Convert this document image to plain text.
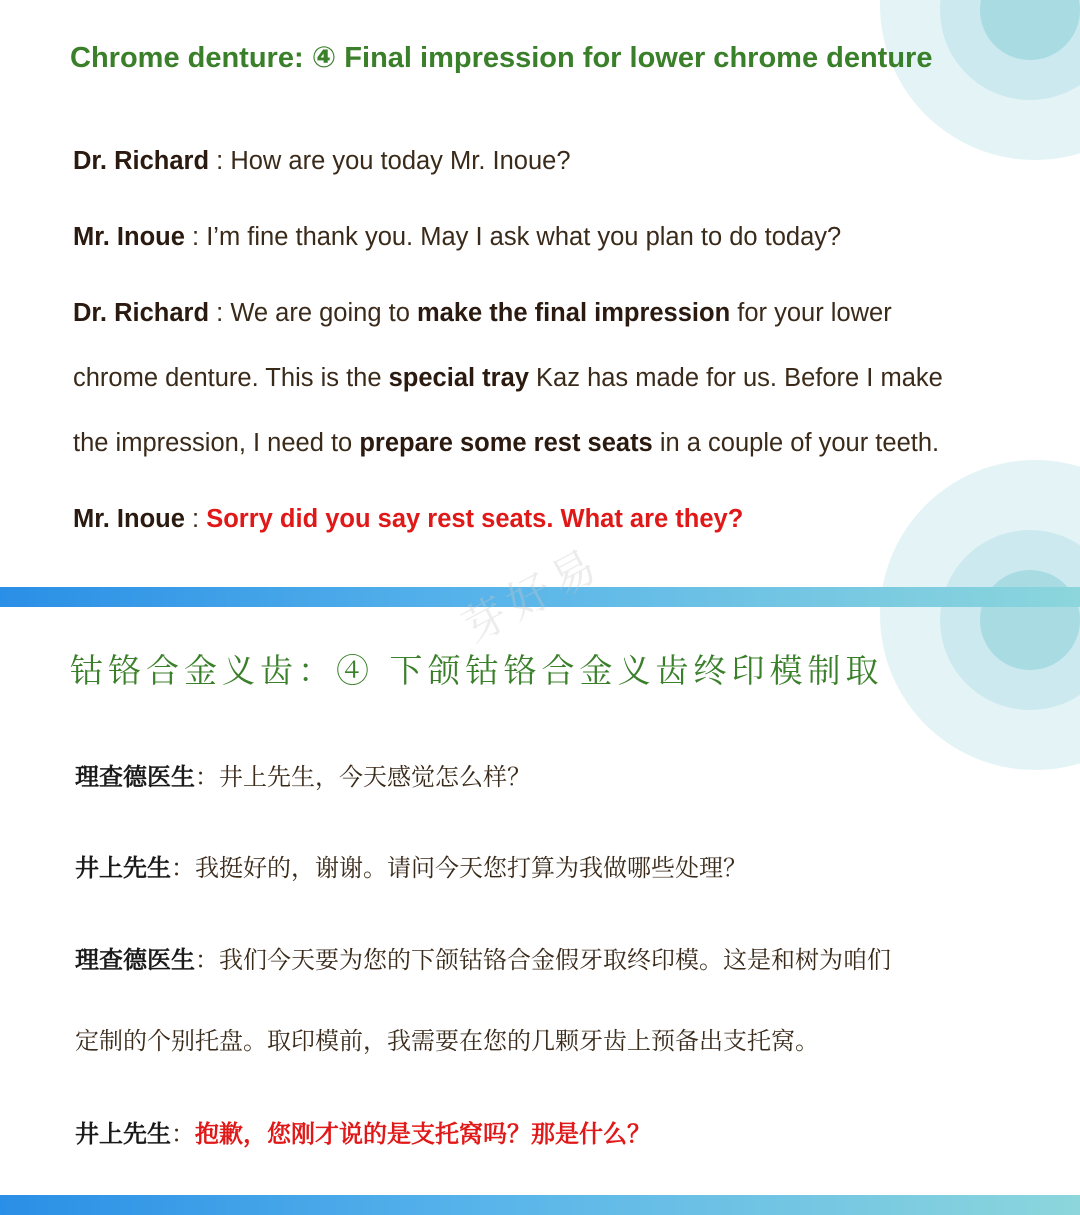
Chrome denture: ④ Final impression for lower chrome denture
Dr. Richard : How are you today Mr. Inoue?
Mr. Inoue : I’m fine thank you. May I ask what you plan to do today?
Dr. Richard : We are going to make the final impression for your lower
chrome denture. This is the special tray Kaz has made for us. Before I make
the impression, I need to prepare some rest seats in a couple of your teeth.
Mr. Inoue : Sorry did you say rest seats. What are they?
芽好易
钴铬合金义齿：④ 下颌钴铬合金义齿终印模制取
理查德医生：井上先生，今天感觉怎么样？
井上先生：我挺好的，谢谢。请问今天您打算为我做哪些处理？
理查德医生：我们今天要为您的下颌钴铬合金假牙取终印模。这是和树为咱们
定制的个别托盘。取印模前，我需要在您的几颗牙齿上预备出支托窝。
井上先生：抱歉，您刚才说的是支托窝吗？那是什么？
